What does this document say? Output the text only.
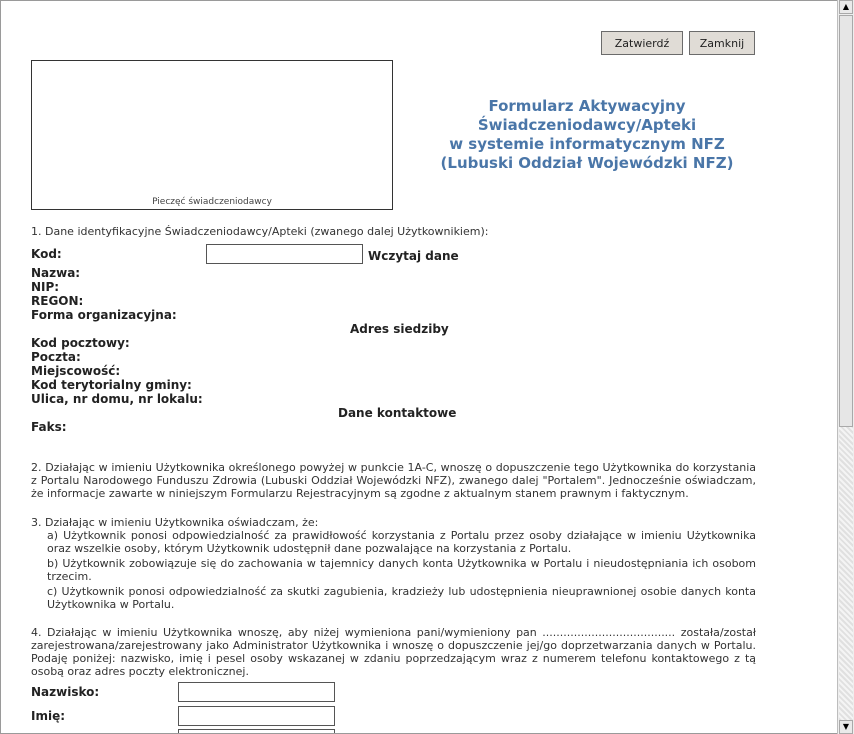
Zatwierdź	Zamknij
Pieczęć świadczeniodawcy
Formularz Aktywacyjny
Świadczeniodawcy/Apteki
w systemie informatycznym NFZ
(Lubuski Oddział Wojewódzki NFZ)
1. Dane identyfikacyjne Świadczeniodawcy/Apteki (zwanego dalej Użytkownikiem):
Kod:	Wczytaj dane
Nazwa:
NIP:
REGON:
Forma organizacyjna:
Adres siedziby
Kod pocztowy:
Poczta:
Miejscowość:
Kod terytorialny gminy:
Ulica, nr domu, nr lokalu:
Dane kontaktowe
Faks:
2. Działając w imieniu Użytkownika określonego powyżej w punkcie 1A-C, wnoszę o dopuszczenie tego Użytkownika do korzystania z Portalu Narodowego Funduszu Zdrowia (Lubuski Oddział Wojewódzki NFZ), zwanego dalej "Portalem". Jednocześnie oświadczam, że informacje zawarte w niniejszym Formularzu Rejestracyjnym są zgodne z aktualnym stanem prawnym i faktycznym.
3. Działając w imieniu Użytkownika oświadczam, że:
a) Użytkownik ponosi odpowiedzialność za prawidłowość korzystania z Portalu przez osoby działające w imieniu Użytkownika oraz wszelkie osoby, którym Użytkownik udostępnił dane pozwalające na korzystania z Portalu.
b) Użytkownik zobowiązuje się do zachowania w tajemnicy danych konta Użytkownika w Portalu i nieudostępniania ich osobom trzecim.
c) Użytkownik ponosi odpowiedzialność za skutki zagubienia, kradzieży lub udostępnienia nieuprawnionej osobie danych konta Użytkownika w Portalu.
4. Działając w imieniu Użytkownika wnoszę, aby niżej wymieniona pani/wymieniony pan ...................................... została/został zarejestrowana/zarejestrowany jako Administrator Użytkownika i wnoszę o dopuszczenie jej/go doprzetwarzania danych w Portalu. Podaję poniżej: nazwisko, imię i pesel osoby wskazanej w zdaniu poprzedzającym wraz z numerem telefonu kontaktowego z tą osobą oraz adres poczty elektronicznej.
Nazwisko:
Imię:
▲
▼
